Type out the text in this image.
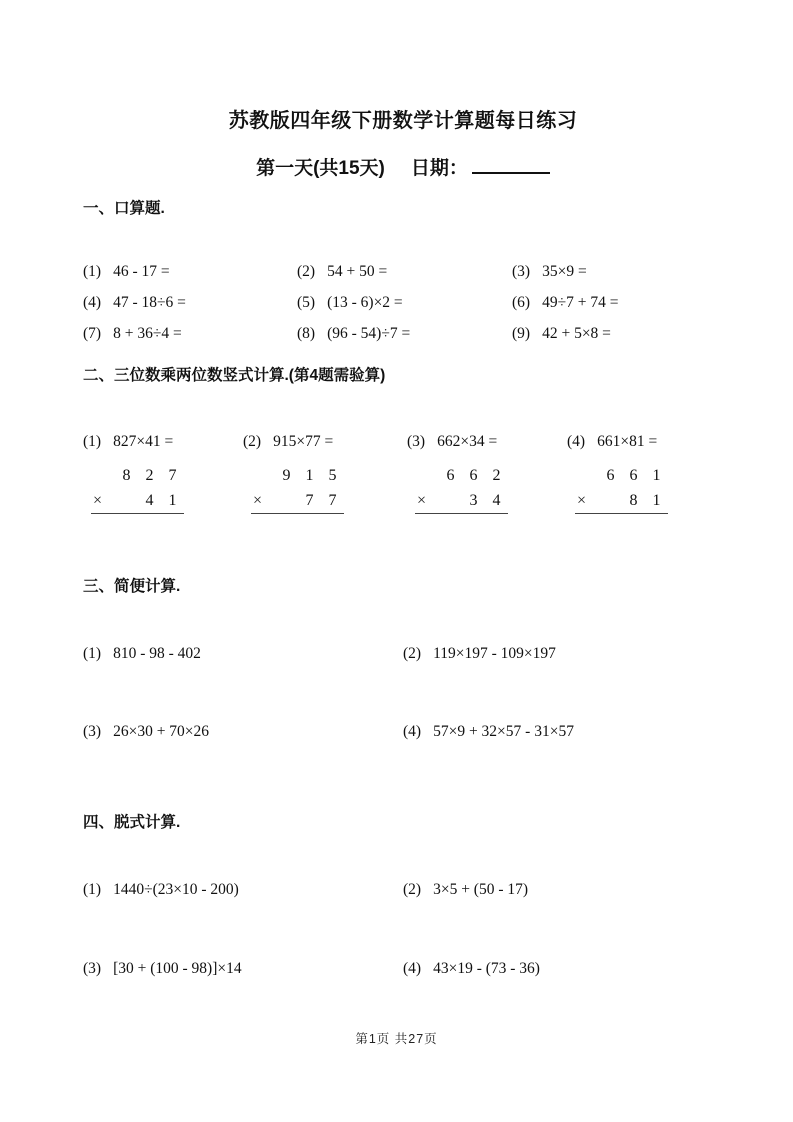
苏教版四年级下册数学计算题每日练习
第一天(共15天) 日期：
一、口算题.
(1) 46 - 17 =	(2) 54 + 50 =	(3) 35×9 =
(4) 47 - 18÷6 =	(5) (13 - 6)×2 =	(6) 49÷7 + 74 =
(7) 8 + 36÷4 =	(8) (96 - 54)÷7 =	(9) 42 + 5×8 =
二、三位数乘两位数竖式计算.(第4题需验算)
(1) 827×41 =
8 2 7
×	4 1
(2) 915×77 =
9 1 5
×	7 7
(3) 662×34 =
6 6 2
×	3 4
(4) 661×81 =
6 6 1
×	8 1
三、简便计算.
(1) 810 - 98 - 402	(2) 119×197 - 109×197
(3) 26×30 + 70×26	(4) 57×9 + 32×57 - 31×57
四、脱式计算.
(1) 1440÷(23×10 - 200)	(2) 3×5 + (50 - 17)
(3) [30 + (100 - 98)]×14	(4) 43×19 - (73 - 36)
第1页 共27页
